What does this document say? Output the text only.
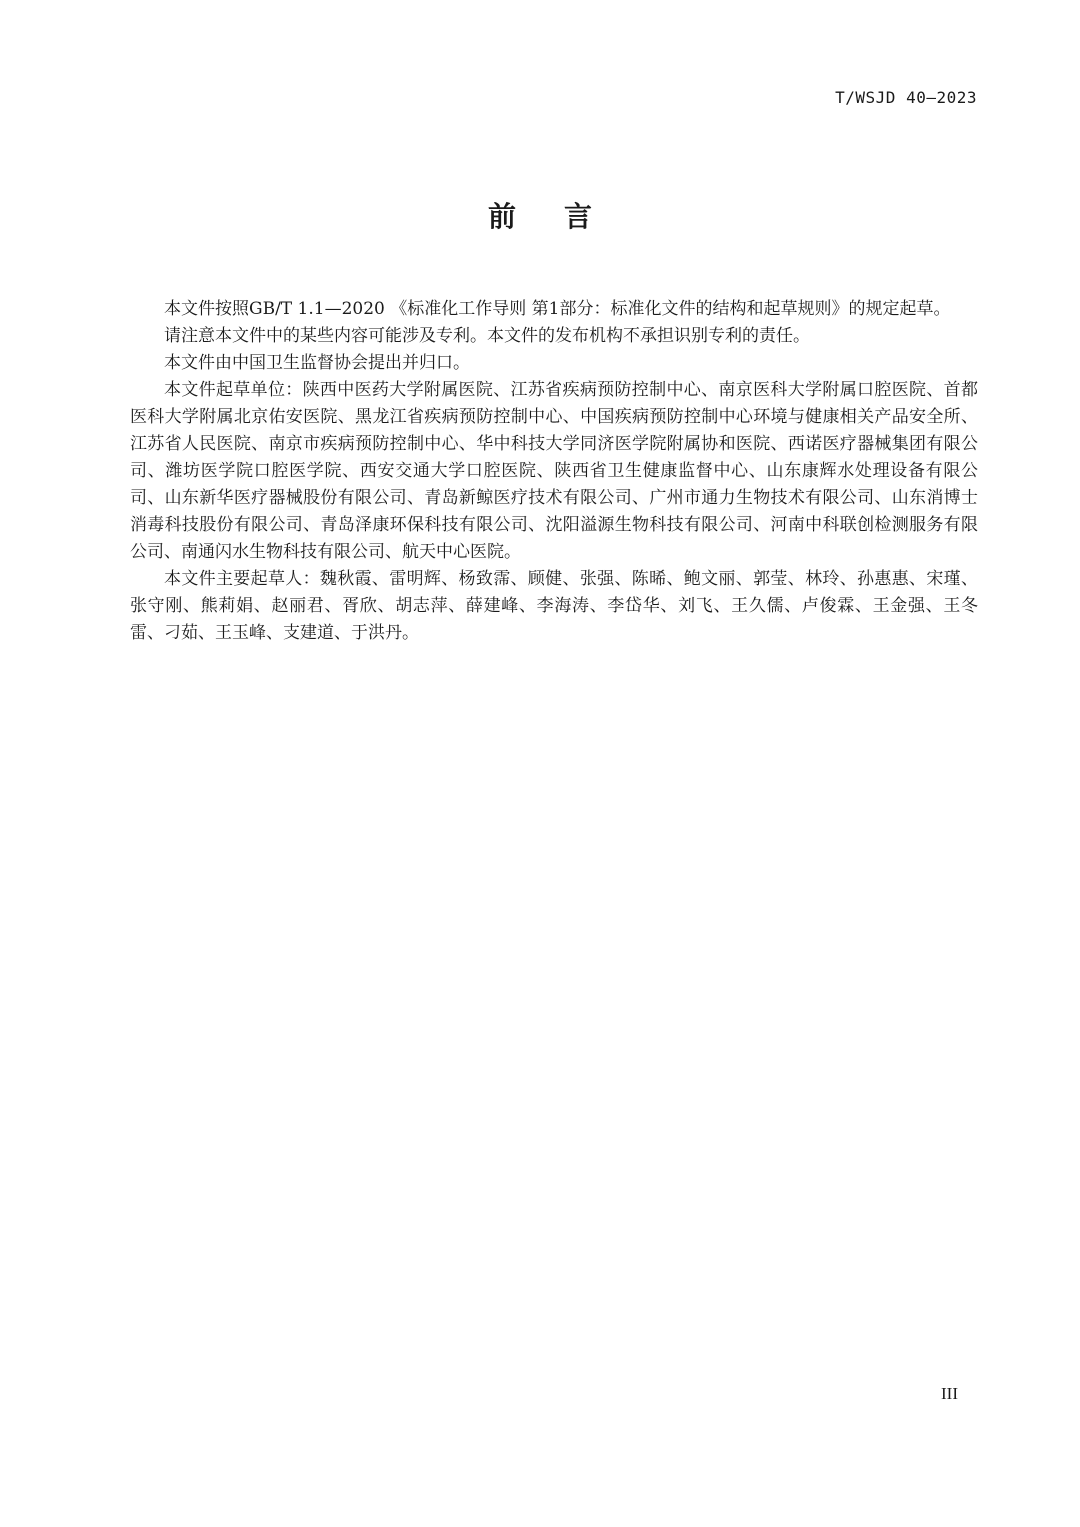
T/WSJD 40—2023
前言

本文件按照GB/T 1.1—2020 《标准化工作导则 第1部分：标准化文件的结构和起草规则》的规定起草。

请注意本文件中的某些内容可能涉及专利。本文件的发布机构不承担识别专利的责任。

本文件由中国卫生监督协会提出并归口。

本文件起草单位：陕西中医药大学附属医院、江苏省疾病预防控制中心、南京医科大学附属口腔医院、首都医科大学附属北京佑安医院、黑龙江省疾病预防控制中心、中国疾病预防控制中心环境与健康相关产品安全所、江苏省人民医院、南京市疾病预防控制中心、华中科技大学同济医学院附属协和医院、西诺医疗器械集团有限公司、潍坊医学院口腔医学院、西安交通大学口腔医院、陕西省卫生健康监督中心、山东康辉水处理设备有限公司、山东新华医疗器械股份有限公司、青岛新鲸医疗技术有限公司、广州市通力生物技术有限公司、山东消博士消毒科技股份有限公司、青岛泽康环保科技有限公司、沈阳溢源生物科技有限公司、河南中科联创检测服务有限公司、南通闪水生物科技有限公司、航天中心医院。

本文件主要起草人：魏秋霞、雷明辉、杨致霈、顾健、张强、陈晞、鲍文丽、郭莹、林玲、孙惠惠、宋瑾、张守刚、熊莉娟、赵丽君、胥欣、胡志萍、薛建峰、李海涛、李岱华、刘飞、王久儒、卢俊霖、王金强、王冬雷、刁茹、王玉峰、支建道、于洪丹。

III
